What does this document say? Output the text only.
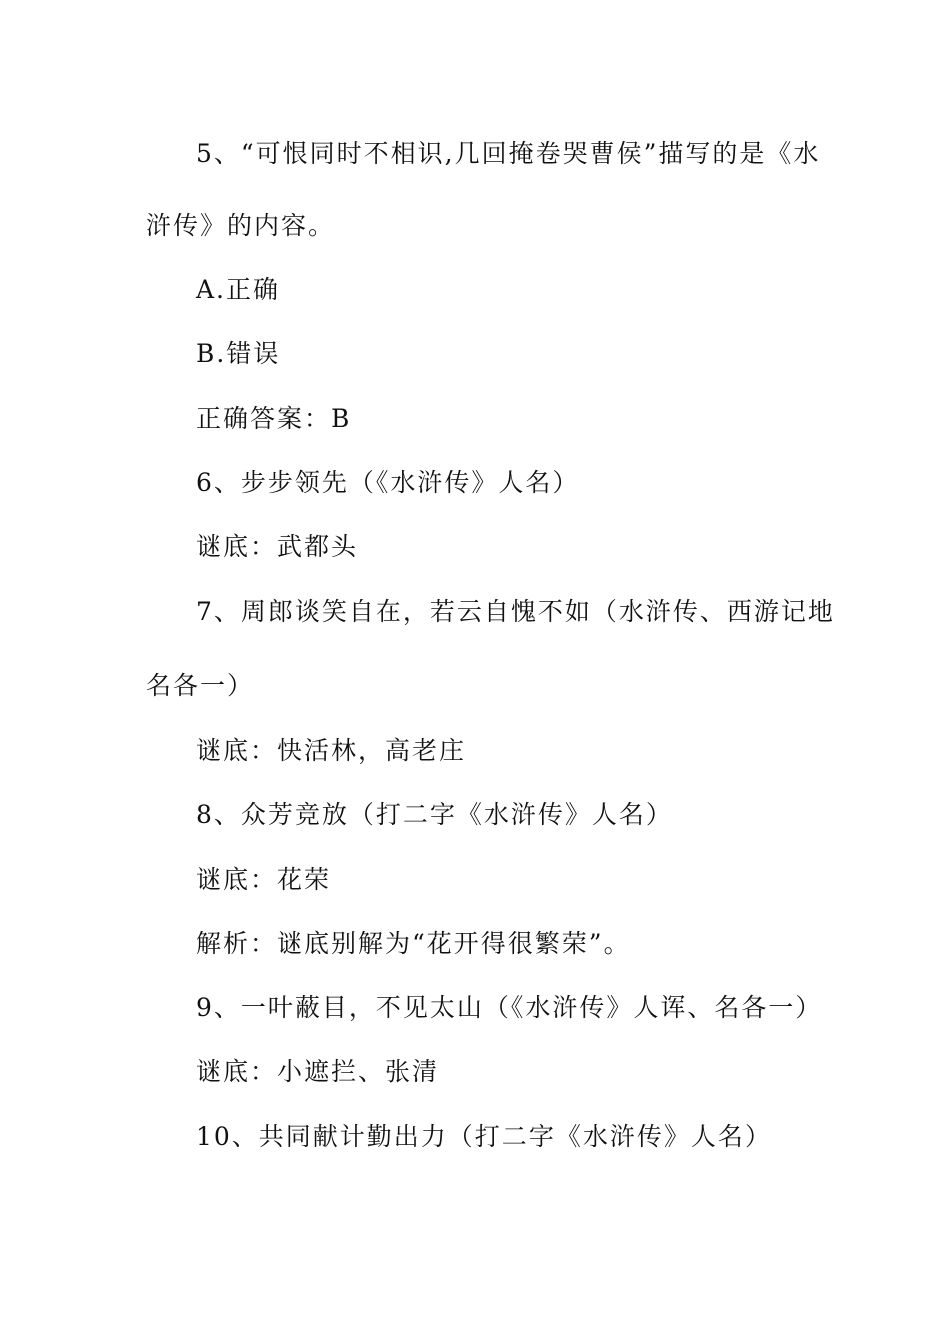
5、“可恨同时不相识,几回掩卷哭曹侯”描写的是《水
浒传》的内容。
A.正确
B.错误
正确答案：B
6、步步领先（《水浒传》人名）
谜底：武都头
7、周郎谈笑自在，若云自愧不如（水浒传、西游记地
名各一）
谜底：快活林，高老庄
8、众芳竞放（打二字《水浒传》人名）
谜底：花荣
解析：谜底别解为“花开得很繁荣”。
9、一叶蔽目，不见太山（《水浒传》人诨、名各一）
谜底：小遮拦、张清
10、共同献计勤出力（打二字《水浒传》人名）
